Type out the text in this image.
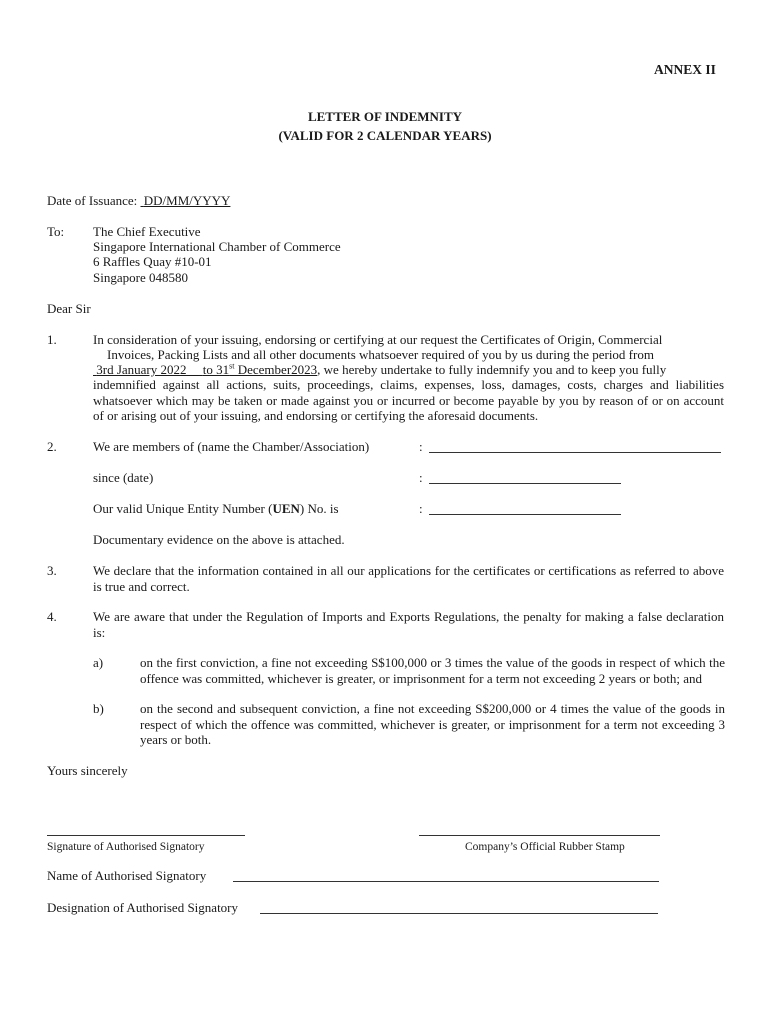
ANNEX II
LETTER OF INDEMNITY
(VALID FOR 2 CALENDAR YEARS)
Date of Issuance: DD/MM/YYYY
To: The Chief Executive
Singapore International Chamber of Commerce
6 Raffles Quay #10-01
Singapore 048580
Dear Sir
1.	In consideration of your issuing, endorsing or certifying at our request the Certificates of Origin, Commercial
Invoices, Packing Lists and all other documents whatsoever required of you by us during the period from
3rd January 2022 to 31st December2023, we hereby undertake to fully indemnify you and to keep you fully
indemnified against all actions, suits, proceedings, claims, expenses, loss, damages, costs, charges and liabilities whatsoever which may be taken or made against you or incurred or become payable by you by reason of or on account of or arising out of your issuing, and endorsing or certifying the aforesaid documents.
2.	We are members of (name the Chamber/Association)	:
since (date)	:
Our valid Unique Entity Number (UEN) No. is	:
Documentary evidence on the above is attached.
3.	We declare that the information contained in all our applications for the certificates or certifications as referred to above is true and correct.
4.	We are aware that under the Regulation of Imports and Exports Regulations, the penalty for making a false declaration is:
a)	on the first conviction, a fine not exceeding S$100,000 or 3 times the value of the goods in respect of which the offence was committed, whichever is greater, or imprisonment for a term not exceeding 2 years or both; and
b)	on the second and subsequent conviction, a fine not exceeding S$200,000 or 4 times the value of the goods in respect of which the offence was committed, whichever is greater, or imprisonment for a term not exceeding 3 years or both.
Yours sincerely
Signature of Authorised Signatory	Company’s Official Rubber Stamp
Name of Authorised Signatory
Designation of Authorised Signatory
